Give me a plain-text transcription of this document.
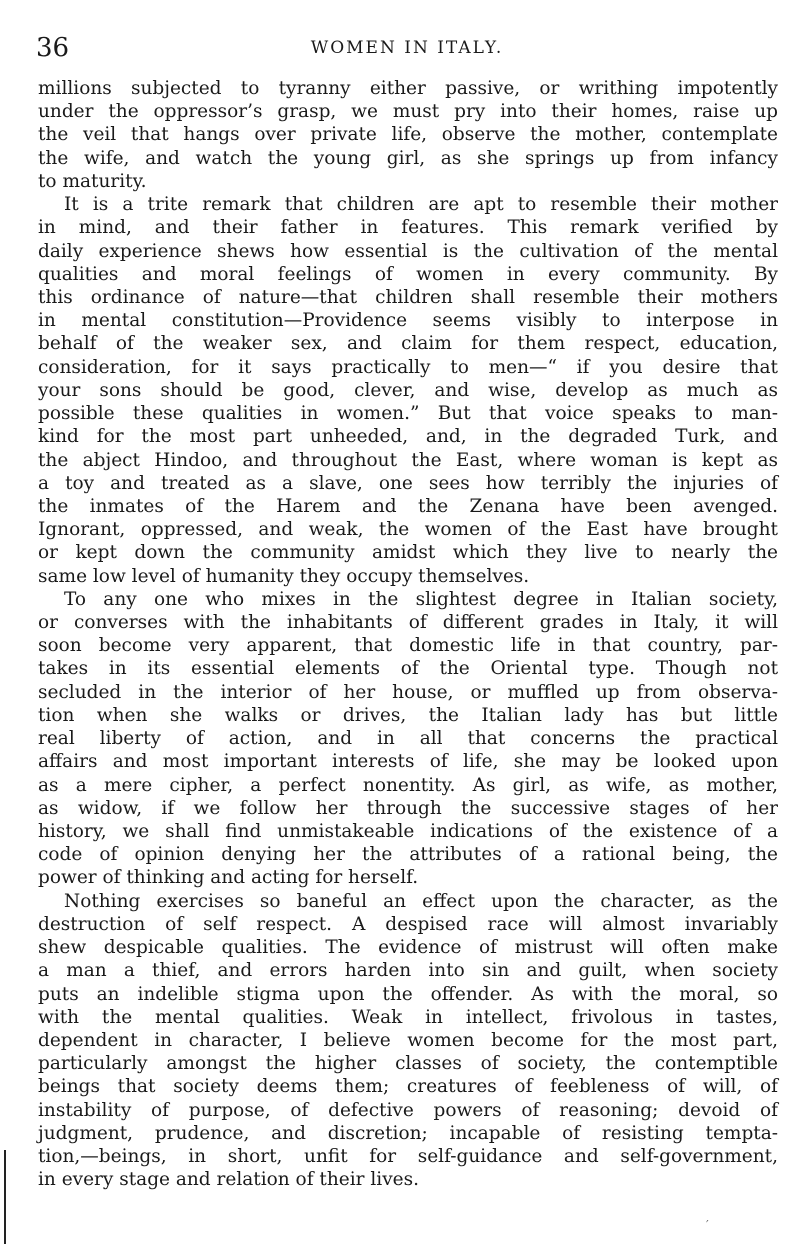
36	WOMEN IN ITALY.
millions subjected to tyranny either passive, or writhing impotently
under the oppressor’s grasp, we must pry into their homes, raise up
the veil that hangs over private life, observe the mother, contemplate
the wife, and watch the young girl, as she springs up from infancy
to maturity.
It is a trite remark that children are apt to resemble their mother
in mind, and their father in features. This remark verified by
daily experience shews how essential is the cultivation of the mental
qualities and moral feelings of women in every community. By
this ordinance of nature—that children shall resemble their mothers
in mental constitution—Providence seems visibly to interpose in
behalf of the weaker sex, and claim for them respect, education,
consideration, for it says practically to men—“ if you desire that
your sons should be good, clever, and wise, develop as much as
possible these qualities in women.” But that voice speaks to man-
kind for the most part unheeded, and, in the degraded Turk, and
the abject Hindoo, and throughout the East, where woman is kept as
a toy and treated as a slave, one sees how terribly the injuries of
the inmates of the Harem and the Zenana have been avenged.
Ignorant, oppressed, and weak, the women of the East have brought
or kept down the community amidst which they live to nearly the
same low level of humanity they occupy themselves.
To any one who mixes in the slightest degree in Italian society,
or converses with the inhabitants of different grades in Italy, it will
soon become very apparent, that domestic life in that country, par-
takes in its essential elements of the Oriental type. Though not
secluded in the interior of her house, or muffled up from observa-
tion when she walks or drives, the Italian lady has but little
real liberty of action, and in all that concerns the practical
affairs and most important interests of life, she may be looked upon
as a mere cipher, a perfect nonentity. As girl, as wife, as mother,
as widow, if we follow her through the successive stages of her
history, we shall find unmistakeable indications of the existence of a
code of opinion denying her the attributes of a rational being, the
power of thinking and acting for herself.
Nothing exercises so baneful an effect upon the character, as the
destruction of self respect. A despised race will almost invariably
shew despicable qualities. The evidence of mistrust will often make
a man a thief, and errors harden into sin and guilt, when society
puts an indelible stigma upon the offender. As with the moral, so
with the mental qualities. Weak in intellect, frivolous in tastes,
dependent in character, I believe women become for the most part,
particularly amongst the higher classes of society, the contemptible
beings that society deems them; creatures of feebleness of will, of
instability of purpose, of defective powers of reasoning; devoid of
judgment, prudence, and discretion; incapable of resisting tempta-
tion,—beings, in short, unfit for self-guidance and self-government,
in every stage and relation of their lives.
′
